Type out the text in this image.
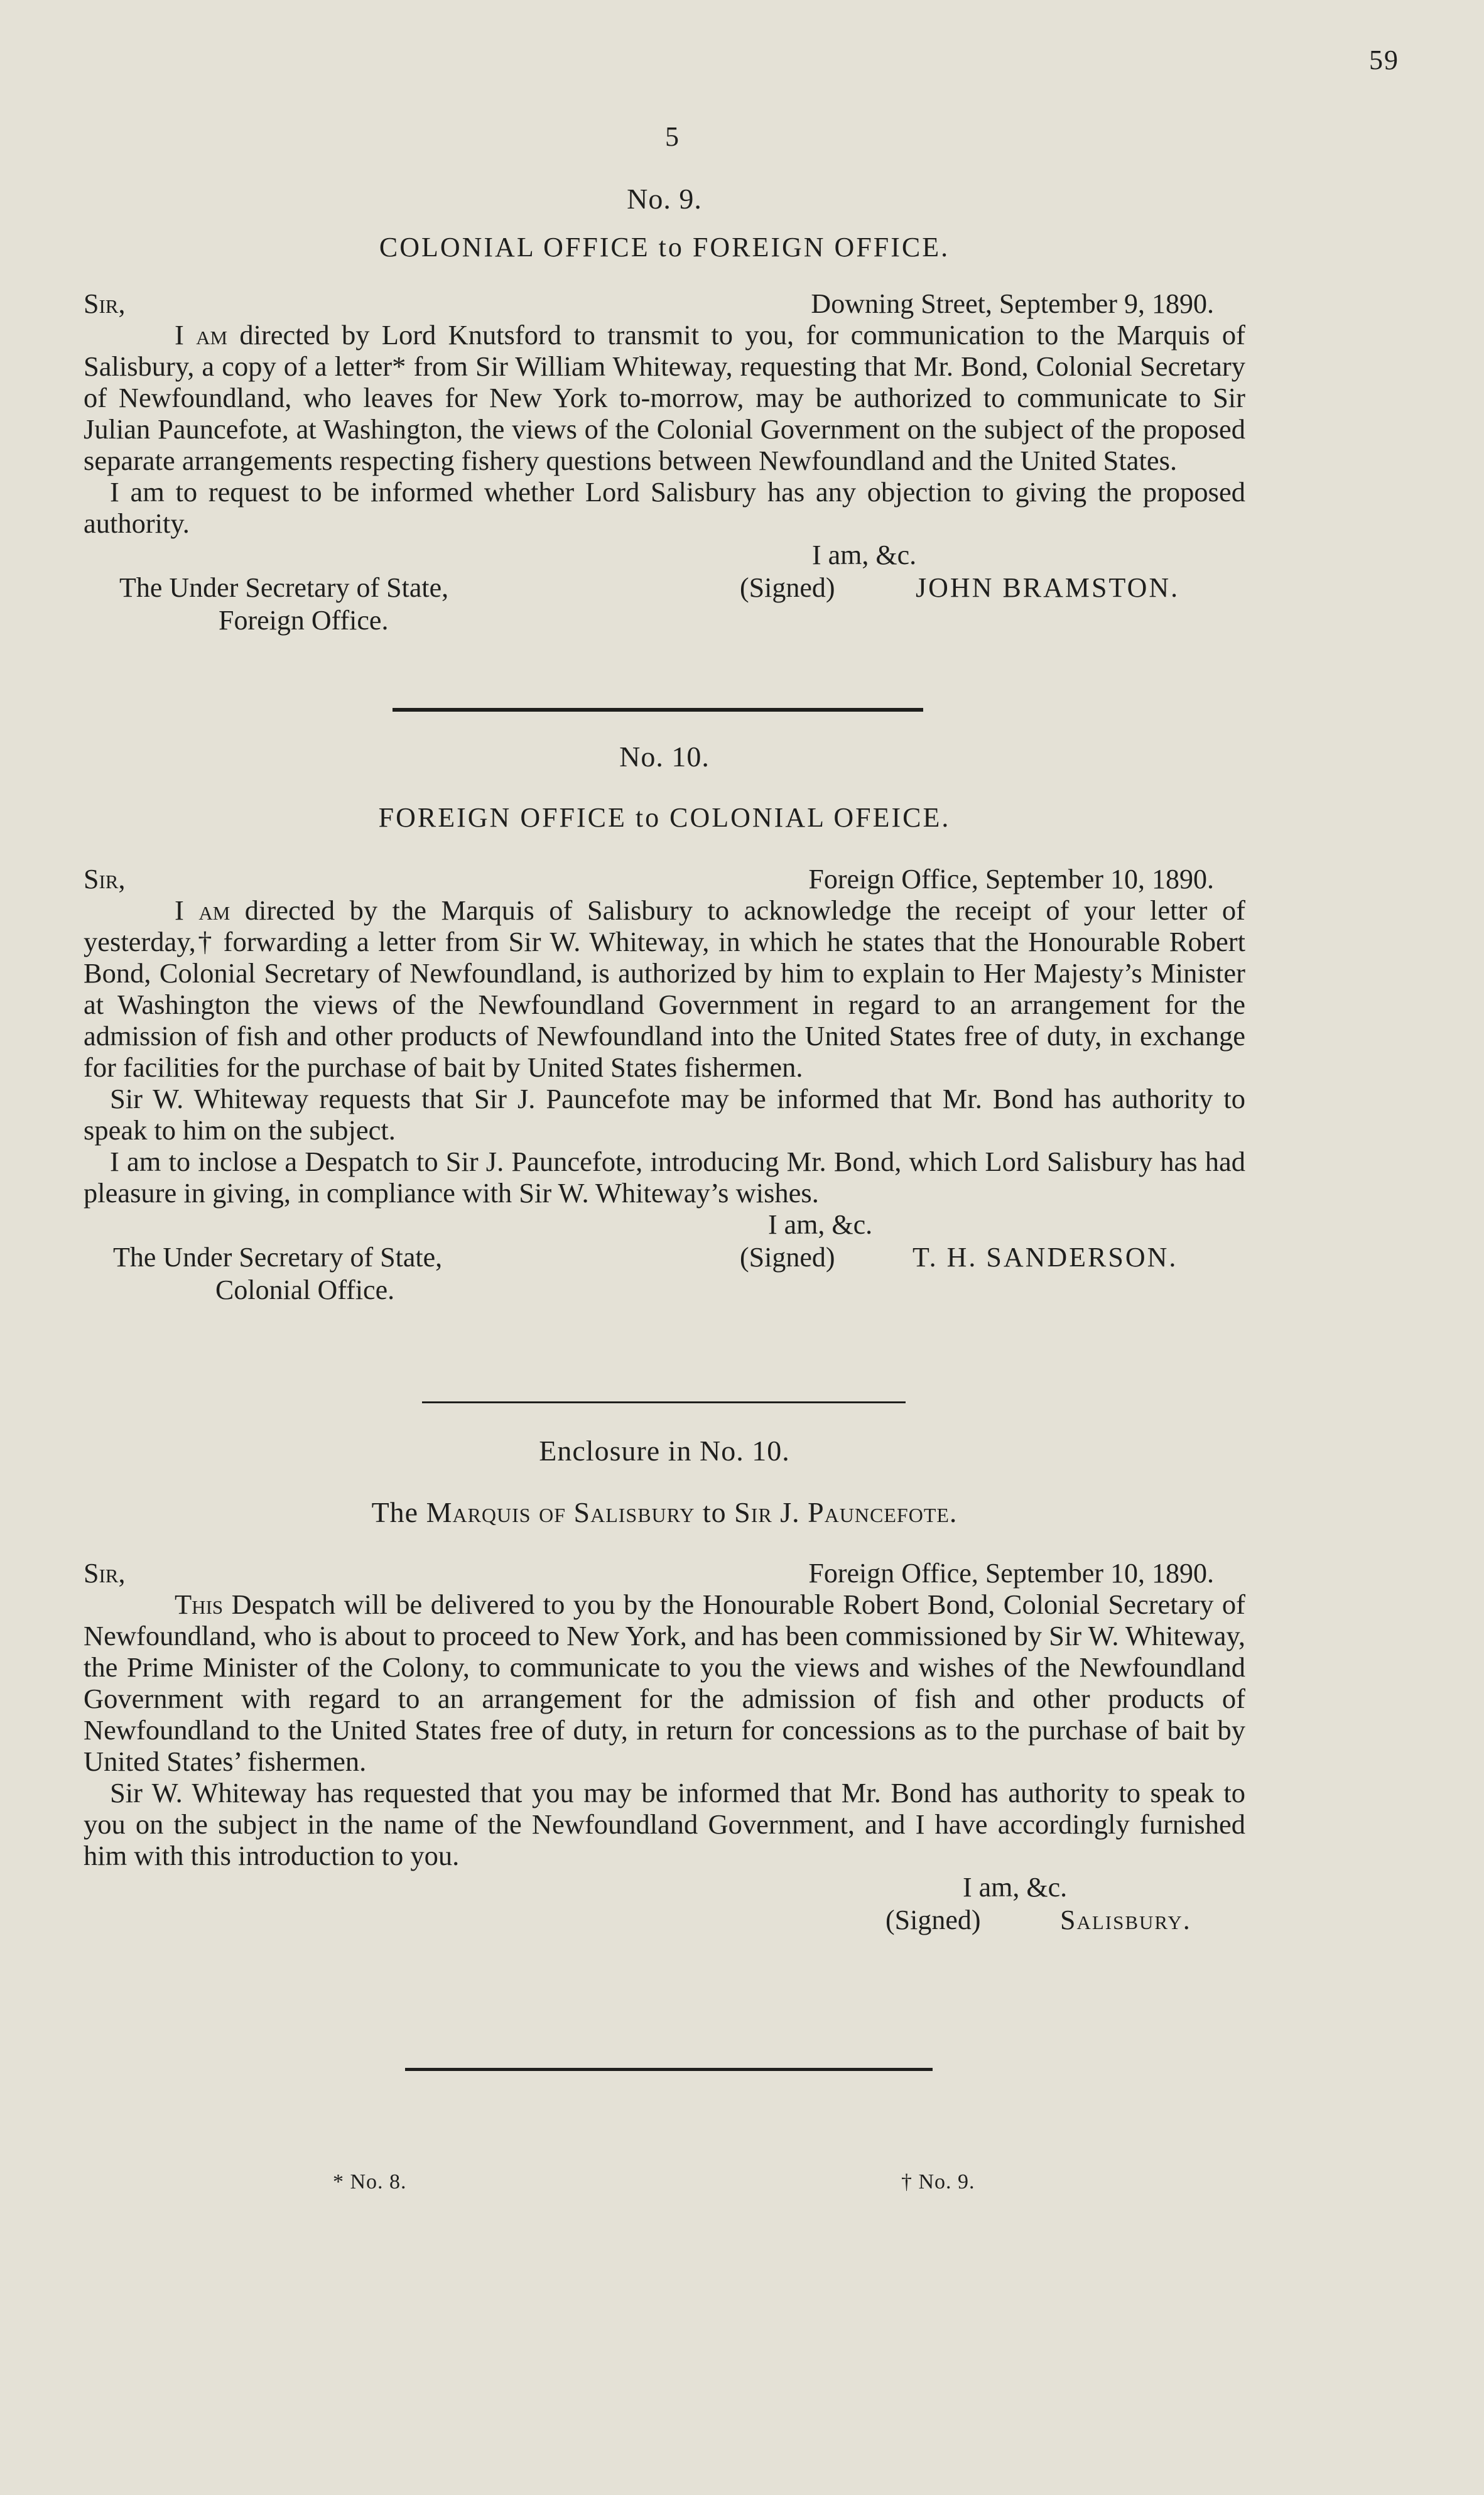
59
5
No. 9.
COLONIAL OFFICE to FOREIGN OFFICE.
Sir,	Downing Street, September 9, 1890.

I am directed by Lord Knutsford to transmit to you, for communication to the Marquis of Salisbury, a copy of a letter* from Sir William Whiteway, requesting that Mr. Bond, Colonial Secretary of Newfoundland, who leaves for New York to-morrow, may be authorized to communicate to Sir Julian Pauncefote, at Washington, the views of the Colonial Government on the subject of the proposed separate arrangements respecting fishery questions between Newfoundland and the United States.

I am to request to be informed whether Lord Salisbury has any objection to giving the proposed authority.

I am, &c.
The Under Secretary of State,	(Signed)	JOHN BRAMSTON.
Foreign Office.
No. 10.
FOREIGN OFFICE to COLONIAL OFEICE.
Sir,	Foreign Office, September 10, 1890.

I am directed by the Marquis of Salisbury to acknowledge the receipt of your letter of yesterday,† forwarding a letter from Sir W. Whiteway, in which he states that the Honourable Robert Bond, Colonial Secretary of Newfoundland, is authorized by him to explain to Her Majesty’s Minister at Washington the views of the Newfoundland Government in regard to an arrangement for the admission of fish and other products of Newfoundland into the United States free of duty, in exchange for facilities for the purchase of bait by United States fishermen.

Sir W. Whiteway requests that Sir J. Pauncefote may be informed that Mr. Bond has authority to speak to him on the subject.

I am to inclose a Despatch to Sir J. Pauncefote, introducing Mr. Bond, which Lord Salisbury has had pleasure in giving, in compliance with Sir W. Whiteway’s wishes.

I am, &c.
The Under Secretary of State,	(Signed)	T. H. SANDERSON.
Colonial Office.
Enclosure in No. 10.
The Marquis of Salisbury to Sir J. Pauncefote.
Sir,	Foreign Office, September 10, 1890.

This Despatch will be delivered to you by the Honourable Robert Bond, Colonial Secretary of Newfoundland, who is about to proceed to New York, and has been commissioned by Sir W. Whiteway, the Prime Minister of the Colony, to communicate to you the views and wishes of the Newfoundland Government with regard to an arrangement for the admission of fish and other products of Newfoundland to the United States free of duty, in return for concessions as to the purchase of bait by United States’ fishermen.

Sir W. Whiteway has requested that you may be informed that Mr. Bond has authority to speak to you on the subject in the name of the Newfoundland Government, and I have accordingly furnished him with this introduction to you.

I am, &c.
(Signed)	Salisbury.
* No. 8.	† No. 9.
